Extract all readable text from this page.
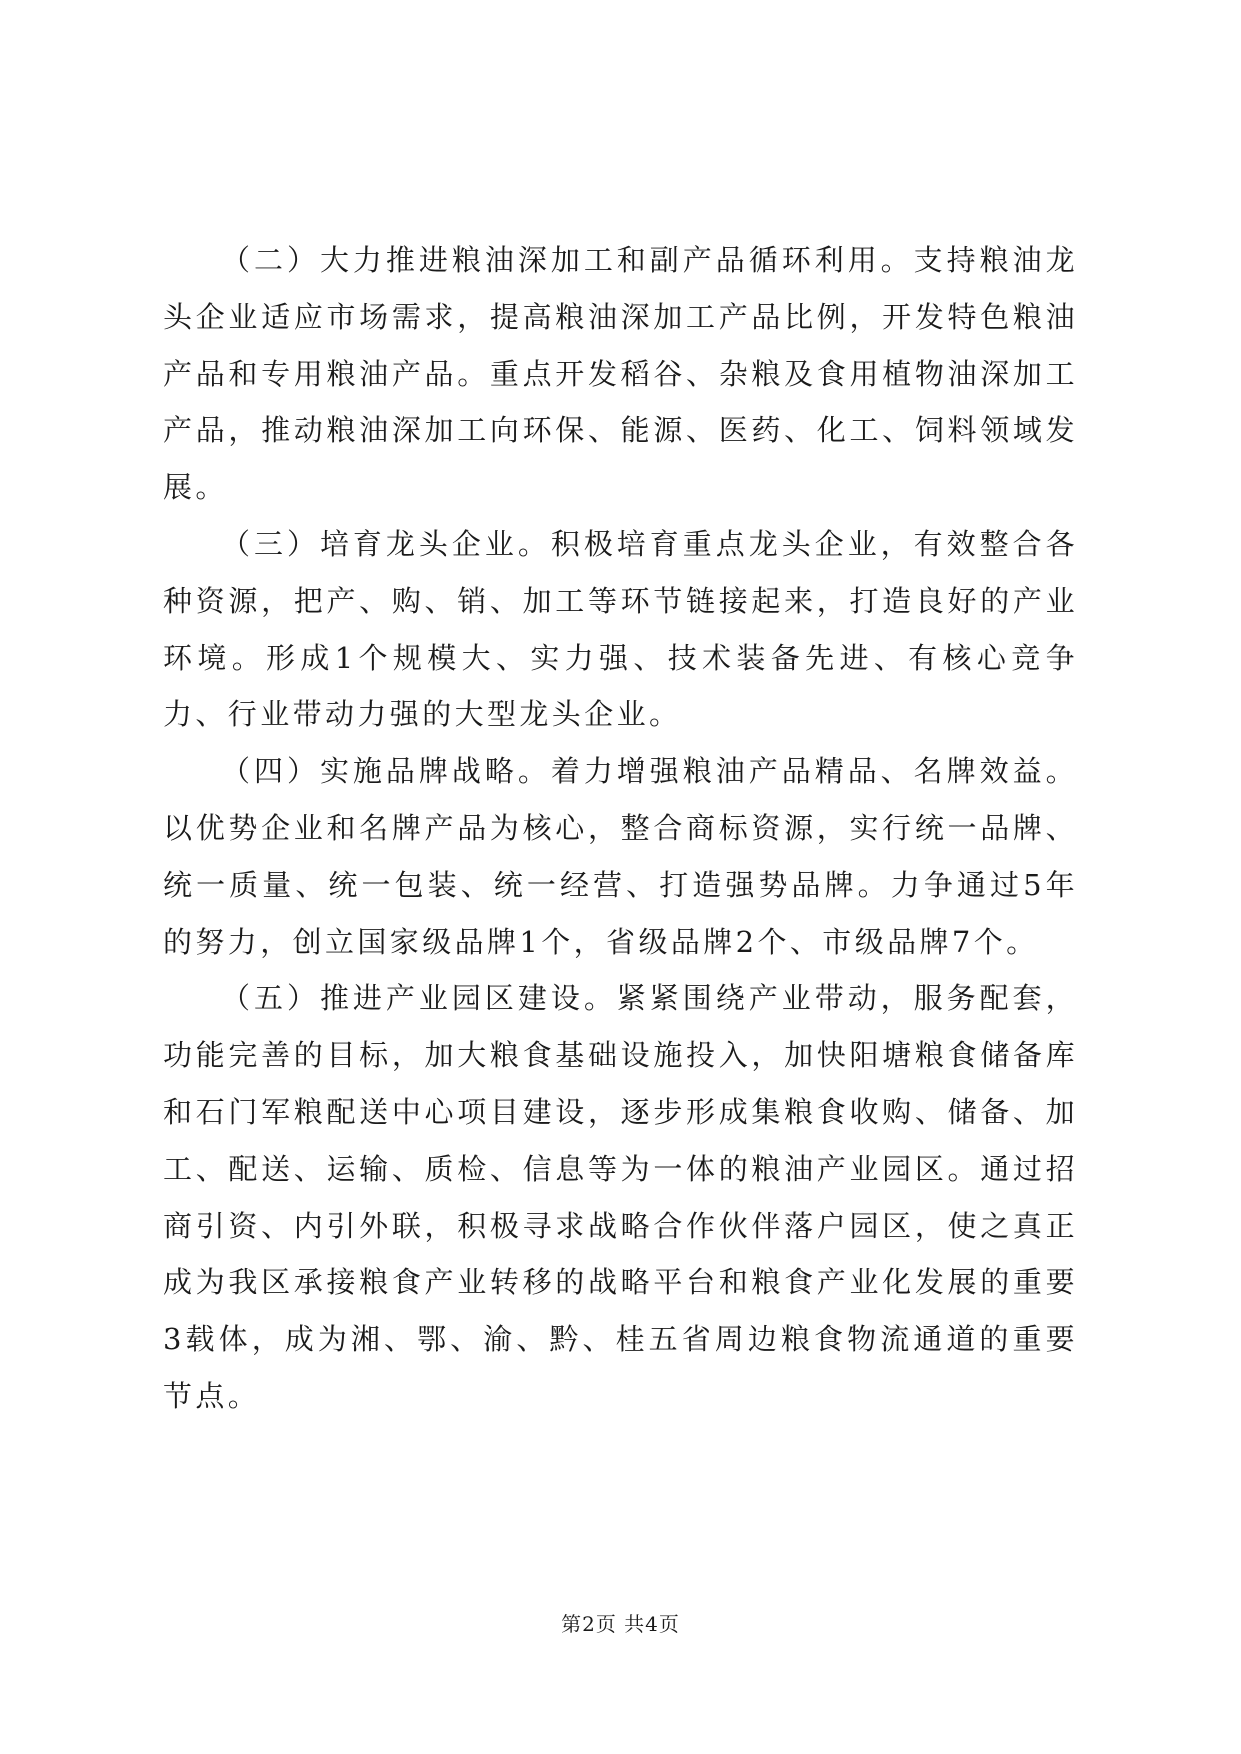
（二）大力推进粮油深加工和副产品循环利用。支持粮油龙头企业适应市场需求，提高粮油深加工产品比例，开发特色粮油产品和专用粮油产品。重点开发稻谷、杂粮及食用植物油深加工产品，推动粮油深加工向环保、能源、医药、化工、饲料领域发展。

（三）培育龙头企业。积极培育重点龙头企业，有效整合各种资源，把产、购、销、加工等环节链接起来，打造良好的产业环境。形成1个规模大、实力强、技术装备先进、有核心竞争力、行业带动力强的大型龙头企业。

（四）实施品牌战略。着力增强粮油产品精品、名牌效益。以优势企业和名牌产品为核心，整合商标资源，实行统一品牌、统一质量、统一包装、统一经营、打造强势品牌。力争通过5年的努力，创立国家级品牌1个，省级品牌2个、市级品牌7个。

（五）推进产业园区建设。紧紧围绕产业带动，服务配套，功能完善的目标，加大粮食基础设施投入，加快阳塘粮食储备库和石门军粮配送中心项目建设，逐步形成集粮食收购、储备、加工、配送、运输、质检、信息等为一体的粮油产业园区。通过招商引资、内引外联，积极寻求战略合作伙伴落户园区，使之真正成为我区承接粮食产业转移的战略平台和粮食产业化发展的重要3载体，成为湘、鄂、渝、黔、桂五省周边粮食物流通道的重要节点。

第2页 共4页
